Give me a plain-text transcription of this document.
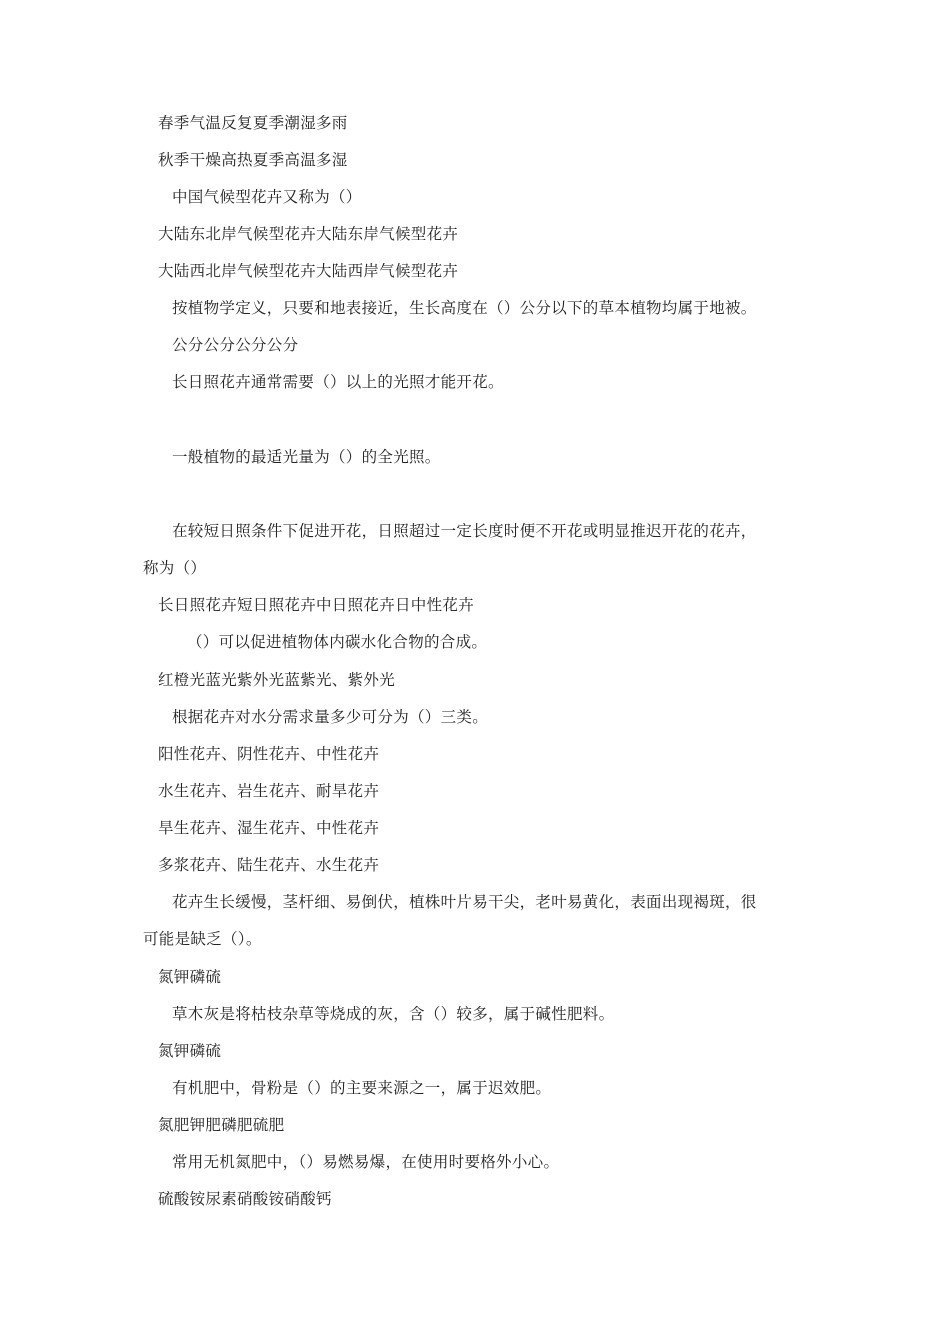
春季气温反复夏季潮湿多雨
秋季干燥高热夏季高温多湿
中国气候型花卉又称为（）
大陆东北岸气候型花卉大陆东岸气候型花卉
大陆西北岸气候型花卉大陆西岸气候型花卉
按植物学定义，只要和地表接近，生长高度在（）公分以下的草本植物均属于地被。
公分公分公分公分
长日照花卉通常需要（）以上的光照才能开花。
一般植物的最适光量为（）的全光照。
在较短日照条件下促进开花，日照超过一定长度时便不开花或明显推迟开花的花卉，
称为（）
长日照花卉短日照花卉中日照花卉日中性花卉
（）可以促进植物体内碳水化合物的合成。
红橙光蓝光紫外光蓝紫光、紫外光
根据花卉对水分需求量多少可分为（）三类。
阳性花卉、阴性花卉、中性花卉
水生花卉、岩生花卉、耐旱花卉
旱生花卉、湿生花卉、中性花卉
多浆花卉、陆生花卉、水生花卉
花卉生长缓慢，茎杆细、易倒伏，植株叶片易干尖，老叶易黄化，表面出现褐斑，很
可能是缺乏（）。
氮钾磷硫
草木灰是将枯枝杂草等烧成的灰，含（）较多，属于碱性肥料。
氮钾磷硫
有机肥中，骨粉是（）的主要来源之一，属于迟效肥。
氮肥钾肥磷肥硫肥
常用无机氮肥中，（）易燃易爆，在使用时要格外小心。
硫酸铵尿素硝酸铵硝酸钙
